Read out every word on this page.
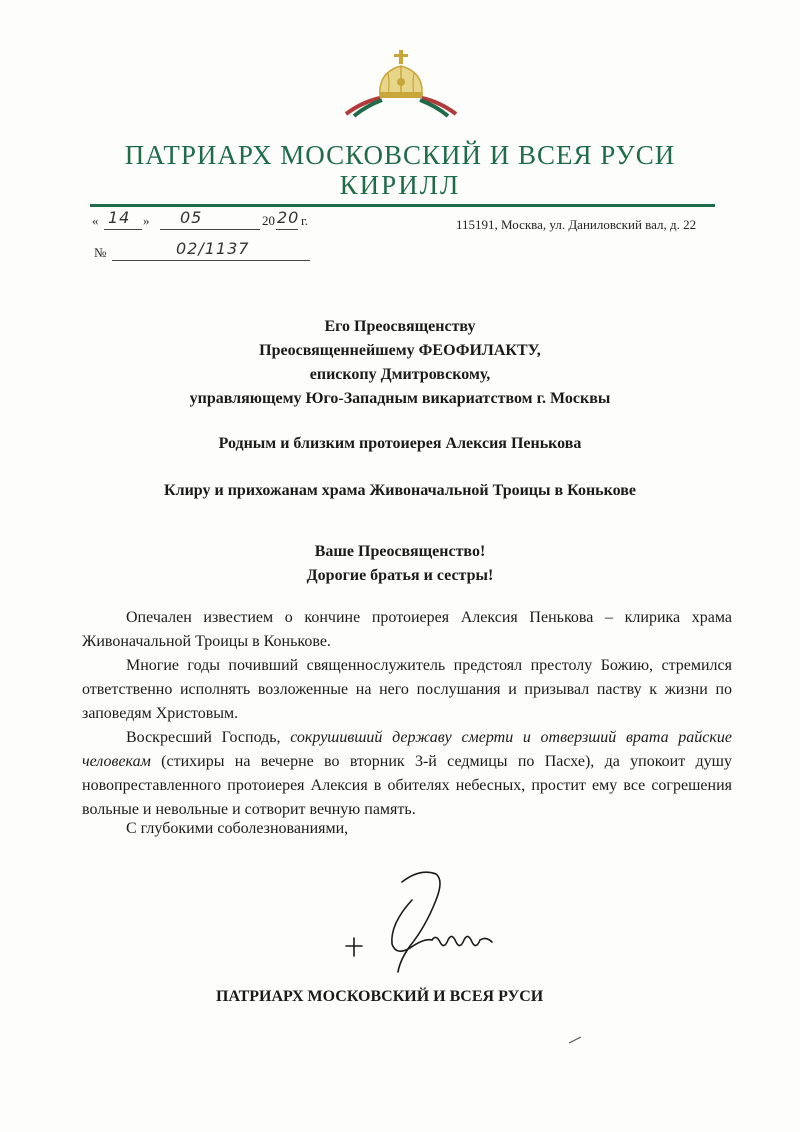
ПАТРИАРХ МОСКОВСКИЙ И ВСЕЯ РУСИ
КИРИЛЛ
« 14 » 05	20 20 г.	115191, Москва, ул. Даниловский вал, д. 22
№	02/1137
Его Преосвященству
Преосвященнейшему ФЕОФИЛАКТУ,
епископу Дмитровскому,
управляющему Юго-Западным викариатством г. Москвы
Родным и близким протоиерея Алексия Пенькова
Клиру и прихожанам храма Живоначальной Троицы в Конькове
Ваше Преосвященство!
Дорогие братья и сестры!

Опечален известием о кончине протоиерея Алексия Пенькова – клирика храма Живоначальной Троицы в Конькове.

Многие годы почивший священнослужитель предстоял престолу Божию, стремился ответственно исполнять возложенные на него послушания и призывал паству к жизни по заповедям Христовым.

Воскресший Господь, сокрушивший державу смерти и отверзший врата райские человекам (стихиры на вечерне во вторник 3-й седмицы по Пасхе), да упокоит душу новопреставленного протоиерея Алексия в обителях небесных, простит ему все согрешения вольные и невольные и сотворит вечную память.

С глубокими соболезнованиями,
ПАТРИАРХ МОСКОВСКИЙ И ВСЕЯ РУСИ
